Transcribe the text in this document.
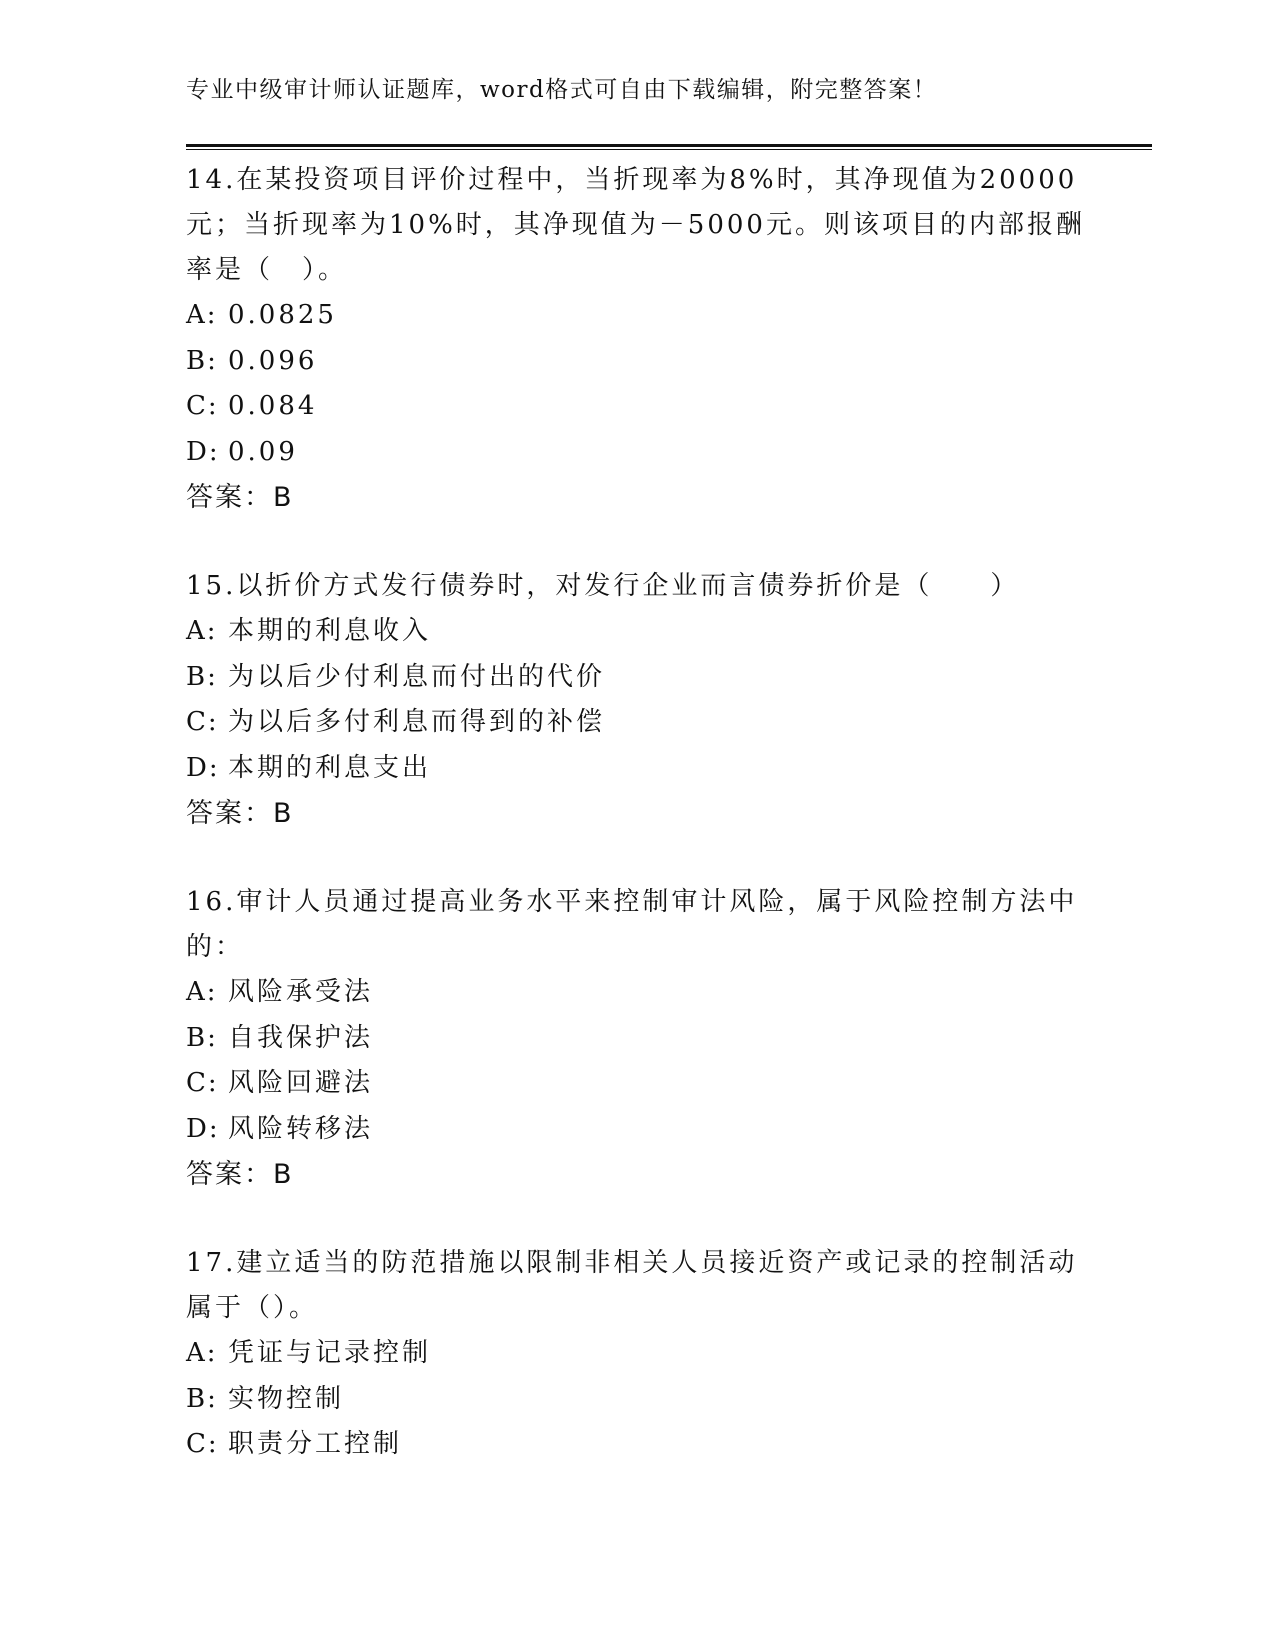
专业中级审计师认证题库，word格式可自由下载编辑，附完整答案！

14.在某投资项目评价过程中，当折现率为8%时，其净现值为20000元；当折现率为10%时，其净现值为－5000元。则该项目的内部报酬率是（　）。

A: 0.0825

B: 0.096

C: 0.084

D: 0.09

答案：B

15.以折价方式发行债券时，对发行企业而言债券折价是（　　）

A: 本期的利息收入

B: 为以后少付利息而付出的代价

C: 为以后多付利息而得到的补偿

D: 本期的利息支出

答案：B

16.审计人员通过提高业务水平来控制审计风险，属于风险控制方法中的：

A: 风险承受法

B: 自我保护法

C: 风险回避法

D: 风险转移法

答案：B

17.建立适当的防范措施以限制非相关人员接近资产或记录的控制活动属于（）。

A: 凭证与记录控制

B: 实物控制

C: 职责分工控制
